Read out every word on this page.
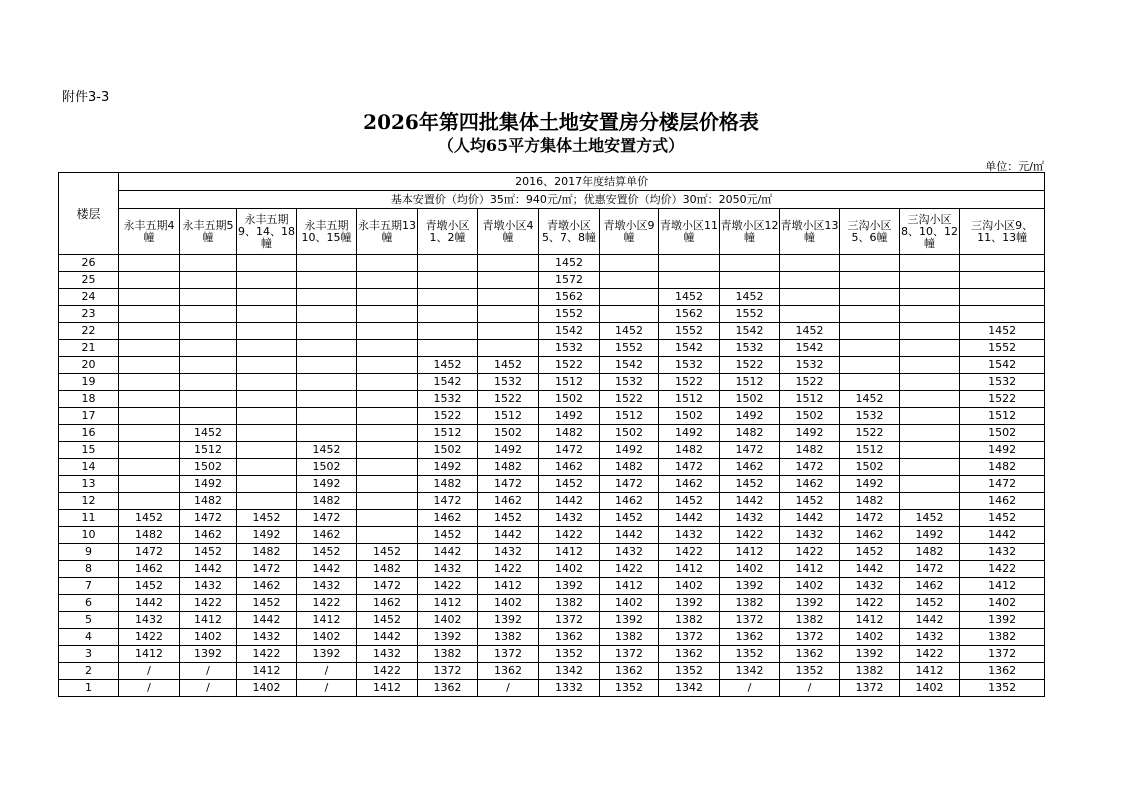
附件3-3
2026年第四批集体土地安置房分楼层价格表
（人均65平方集体土地安置方式）
单位：元/㎡
楼层	2016、2017年度结算单价														
	基本安置价（均价）35㎡：940元/㎡；优惠安置价（均价）30㎡：2050元/㎡														
	永丰五期4幢	永丰五期5幢	永丰五期9、14、18幢	永丰五期10、15幢	永丰五期13幢	青墩小区1、2幢	青墩小区4幢	青墩小区5、7、8幢	青墩小区9幢	青墩小区11幢	青墩小区12幢	青墩小区13幢	三沟小区5、6幢	三沟小区8、10、12幢	三沟小区9、11、13幢
26								1452							
25								1572							
24								1562		1452	1452				
23								1552		1562	1552				
22								1542	1452	1552	1542	1452			1452
21								1532	1552	1542	1532	1542			1552
20						1452	1452	1522	1542	1532	1522	1532			1542
19						1542	1532	1512	1532	1522	1512	1522			1532
18						1532	1522	1502	1522	1512	1502	1512	1452		1522
17						1522	1512	1492	1512	1502	1492	1502	1532		1512
16		1452				1512	1502	1482	1502	1492	1482	1492	1522		1502
15		1512		1452		1502	1492	1472	1492	1482	1472	1482	1512		1492
14		1502		1502		1492	1482	1462	1482	1472	1462	1472	1502		1482
13		1492		1492		1482	1472	1452	1472	1462	1452	1462	1492		1472
12		1482		1482		1472	1462	1442	1462	1452	1442	1452	1482		1462
11	1452	1472	1452	1472		1462	1452	1432	1452	1442	1432	1442	1472	1452	1452
10	1482	1462	1492	1462		1452	1442	1422	1442	1432	1422	1432	1462	1492	1442
9	1472	1452	1482	1452	1452	1442	1432	1412	1432	1422	1412	1422	1452	1482	1432
8	1462	1442	1472	1442	1482	1432	1422	1402	1422	1412	1402	1412	1442	1472	1422
7	1452	1432	1462	1432	1472	1422	1412	1392	1412	1402	1392	1402	1432	1462	1412
6	1442	1422	1452	1422	1462	1412	1402	1382	1402	1392	1382	1392	1422	1452	1402
5	1432	1412	1442	1412	1452	1402	1392	1372	1392	1382	1372	1382	1412	1442	1392
4	1422	1402	1432	1402	1442	1392	1382	1362	1382	1372	1362	1372	1402	1432	1382
3	1412	1392	1422	1392	1432	1382	1372	1352	1372	1362	1352	1362	1392	1422	1372
2	/	/	1412	/	1422	1372	1362	1342	1362	1352	1342	1352	1382	1412	1362
1	/	/	1402	/	1412	1362	/	1332	1352	1342	/	/	1372	1402	1352
